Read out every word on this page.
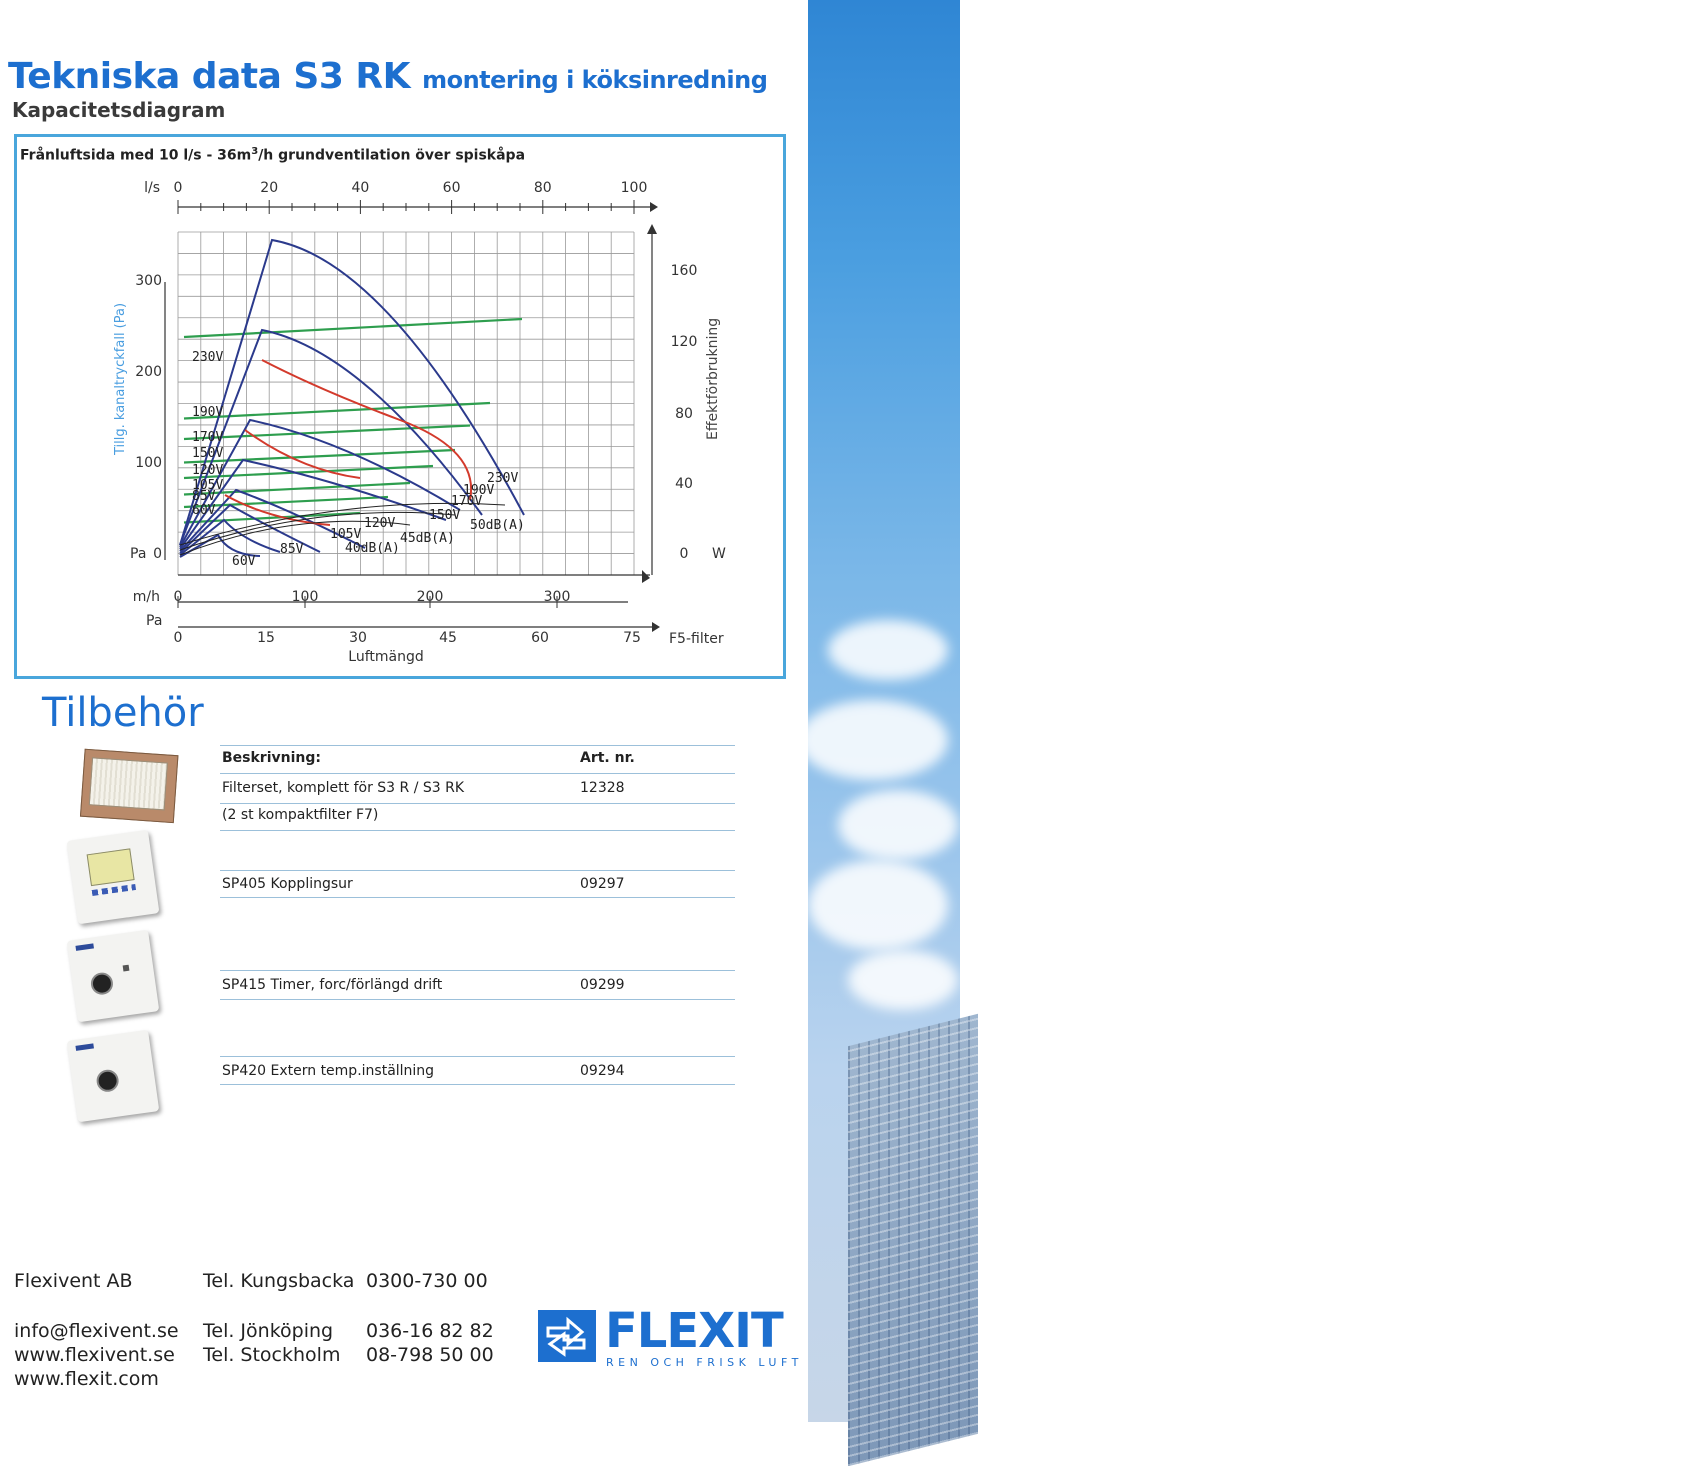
Art.nr. 92935 3000 06/2005
Tekniska data S3 RK montering i köksinredning
Kapacitetsdiagram
Frånluftsida med 10 $l/s - 36m^3/h$ grundventilation över spiskåpa
l/s 0	20	40	60	80	100
0
100
200
300
Pa
Tillg. kanaltryckfall (Pa)
0
40
80
120
160
W
Effektförbrukning
m/h 0	100	200	300
Pa
0	15	30	45	60	75 F5-filter
Luftmängd
230V
190V
170V
150V
120V
105V
85V
60V
230V
190V
170V
150V
60V
85V
105V
120V
40dB(A)
45dB(A)
50dB(A)
Tilbehör
Beskrivning:	Art. nr.
Filterset, komplett för S3 R / S3 RK	12328
(2 st kompaktfilter F7)
SP405 Kopplingsur	09297
SP415 Timer, forc/förlängd drift	09299
SP420 Extern temp.inställning	09294
Flexivent AB
info@flexivent.se
www.flexivent.se
www.flexit.com
Tel. Kungsbacka 0300-730 00
Tel. Jönköping 036-16 82 82
Tel. Stockholm 08-798 50 00 FLEXIT
REN OCH FRISK LUFT
